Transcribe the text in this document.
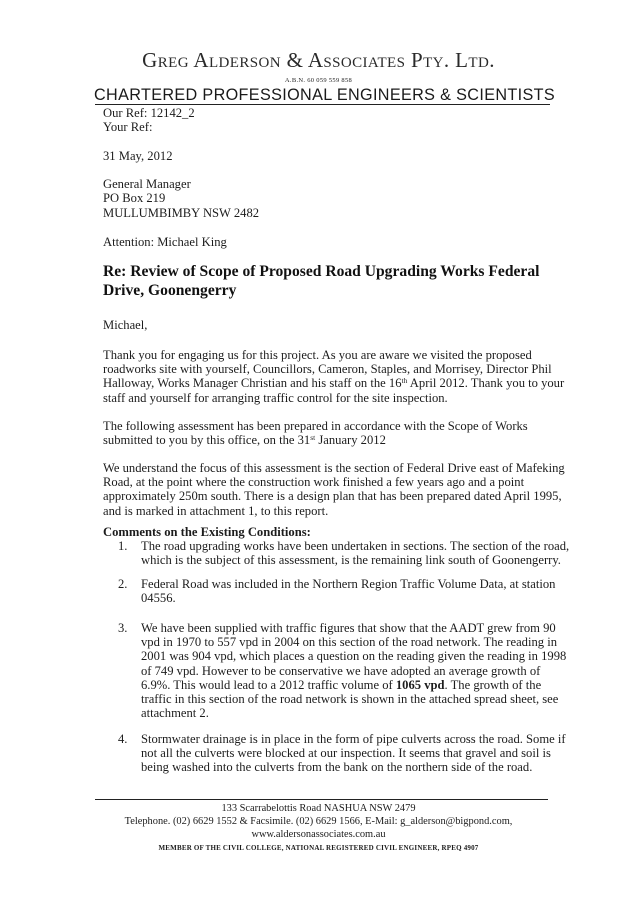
Greg Alderson & Associates Pty. Ltd.
A.B.N. 60 059 559 858
CHARTERED PROFESSIONAL ENGINEERS & SCIENTISTS
Our Ref: 12142_2
Your Ref:
31 May, 2012
General Manager
PO Box 219
MULLUMBIMBY NSW 2482
Attention: Michael King
Re: Review of Scope of Proposed Road Upgrading Works Federal
Drive, Goonengerry
Michael,
Thank you for engaging us for this project. As you are aware we visited the proposed
roadworks site with yourself, Councillors, Cameron, Staples, and Morrisey, Director Phil
Halloway, Works Manager Christian and his staff on the 16th April 2012. Thank you to your
staff and yourself for arranging traffic control for the site inspection.
The following assessment has been prepared in accordance with the Scope of Works
submitted to you by this office, on the 31st January 2012
We understand the focus of this assessment is the section of Federal Drive east of Mafeking
Road, at the point where the construction work finished a few years ago and a point
approximately 250m south. There is a design plan that has been prepared dated April 1995,
and is marked in attachment 1, to this report.
Comments on the Existing Conditions:
1.	The road upgrading works have been undertaken in sections. The section of the road,
which is the subject of this assessment, is the remaining link south of Goonengerry.
2.	Federal Road was included in the Northern Region Traffic Volume Data, at station
04556.
3.	We have been supplied with traffic figures that show that the AADT grew from 90
vpd in 1970 to 557 vpd in 2004 on this section of the road network. The reading in
2001 was 904 vpd, which places a question on the reading given the reading in 1998
of 749 vpd. However to be conservative we have adopted an average growth of
6.9%. This would lead to a 2012 traffic volume of 1065 vpd. The growth of the
traffic in this section of the road network is shown in the attached spread sheet, see
attachment 2.
4.	Stormwater drainage is in place in the form of pipe culverts across the road. Some if
not all the culverts were blocked at our inspection. It seems that gravel and soil is
being washed into the culverts from the bank on the northern side of the road.
133 Scarrabelottis Road NASHUA NSW 2479
Telephone. (02) 6629 1552 & Facsimile. (02) 6629 1566, E-Mail: g_alderson@bigpond.com,
www.aldersonassociates.com.au
MEMBER OF THE CIVIL COLLEGE, NATIONAL REGISTERED CIVIL ENGINEER, RPEQ 4907
